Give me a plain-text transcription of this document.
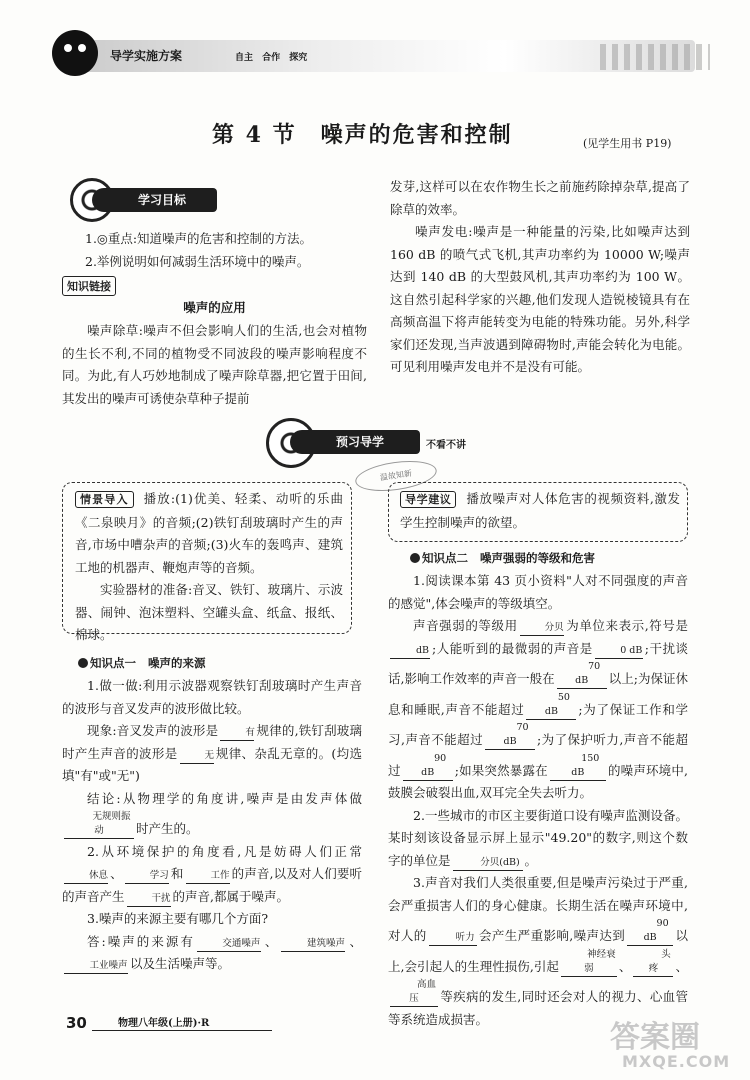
导学实施方案	自主 合作 探究
第 4 节　噪声的危害和控制	(见学生用书 P19)
学习目标

1.◎重点:知道噪声的危害和控制的方法。

2.举例说明如何减弱生活环境中的噪声。

知识链接
噪声的应用
噪声除草:噪声不但会影响人们的生活,也会对植物的生长不利,不同的植物受不同波段的噪声影响程度不同。为此,有人巧妙地制成了噪声除草器,把它置于田间,其发出的噪声可诱使杂草种子提前

发芽,这样可以在农作物生长之前施药除掉杂草,提高了除草的效率。

噪声发电:噪声是一种能量的污染,比如噪声达到 160 dB 的喷气式飞机,其声功率约为 10000 W;噪声达到 140 dB 的大型鼓风机,其声功率约为 100 W。这自然引起科学家的兴趣,他们发现人造锐棱镜具有在高频高温下将声能转变为电能的特殊功能。另外,科学家们还发现,当声波遇到障碍物时,声能会转化为电能。可见利用噪声发电并不是没有可能。

预习导学	不看不讲
温故知新

情景导入 播放:(1)优美、轻柔、动听的乐曲《二泉映月》的音频;(2)铁钉刮玻璃时产生的声音,市场中嘈杂声的音频;(3)火车的轰鸣声、建筑工地的机器声、鞭炮声等的音频。

实验器材的准备:音叉、铁钉、玻璃片、示波器、闹钟、泡沫塑料、空罐头盒、纸盒、报纸、棉球。

导学建议 播放噪声对人体危害的视频资料,激发学生控制噪声的欲望。

知识点一 噪声的来源

1.做一做:利用示波器观察铁钉刮玻璃时产生声音的波形与音叉发声的波形做比较。

现象:音叉发声的波形是	有规律的,铁钉刮玻璃时产生声音的波形是	无规律、杂乱无章的。(均选填"有"或"无")

结论:从物理学的角度讲,噪声是由发声体做无规则振动	时产生的。

2.从环境保护的角度看,凡是妨碍人们正常休息 、	学习 和	工作 的声音,以及对人们要听的声音产生	干扰 的声音,都属于噪声。

3.噪声的来源主要有哪几个方面?

答:噪声的来源有	交通噪声 、	建筑噪声 、工业噪声 以及生活噪声等。

知识点二 噪声强弱的等级和危害

1.阅读课本第 43 页小资料"人对不同强度的声音的感觉",体会噪声的等级填空。

声音强弱的等级用	分贝 为单位来表示,符号是dB ;人能听到的最微弱的声音是	0 dB ;干扰谈话,影响工作效率的声音一般在70 dB 以上;为保证休息和睡眠,声音不能超过50 dB ;为了保证工作和学习,声音不能超过70 dB ;为了保护听力,声音不能超过90 dB ;如果突然暴露在150 dB 的噪声环境中,鼓膜会破裂出血,双耳完全失去听力。

2.一些城市的市区主要街道口设有噪声监测设备。某时刻该设备显示屏上显示"49.20"的数字,则这个数字的单位是	分贝(dB) 。

3.声音对我们人类很重要,但是噪声污染过于严重,会严重损害人们的身心健康。长期生活在噪声环境中,对人的	听力 会产生严重影响,噪声达到90 dB 以上,会引起人的生理性损伤,引起神经衰弱 、头疼 、高血压 等疾病的发生,同时还会对人的视力、心血管等系统造成损害。

30	物理八年级(上册)·R	答案圈
MXQE.COM
